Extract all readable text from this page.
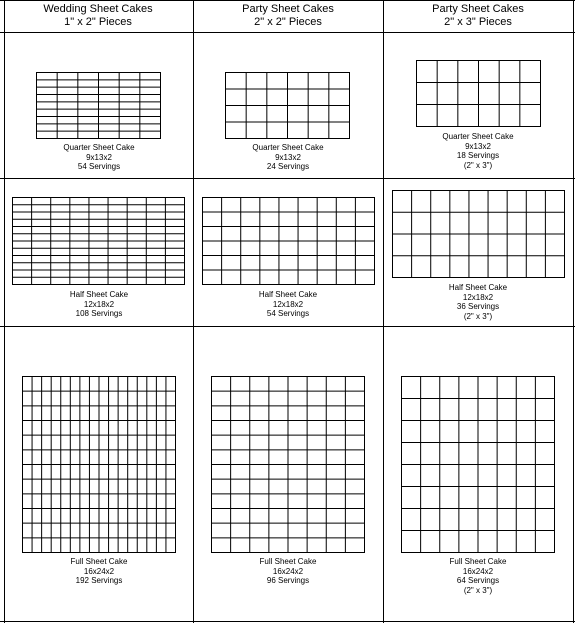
Wedding Sheet Cakes
1" x 2" Pieces
Party Sheet Cakes
2" x 2" Pieces
Party Sheet Cakes
2" x 3" Pieces
Quarter Sheet Cake
9x13x2
54 Servings
Quarter Sheet Cake
9x13x2
24 Servings
Quarter Sheet Cake
9x13x2
18 Servings
(2" x 3")
Half Sheet Cake
12x18x2
108 Servings
Half Sheet Cake
12x18x2
54 Servings
Half Sheet Cake
12x18x2
36 Servings
(2" x 3")
Full Sheet Cake
16x24x2
192 Servings
Full Sheet Cake
16x24x2
96 Servings
Full Sheet Cake
16x24x2
64 Servings
(2" x 3")
